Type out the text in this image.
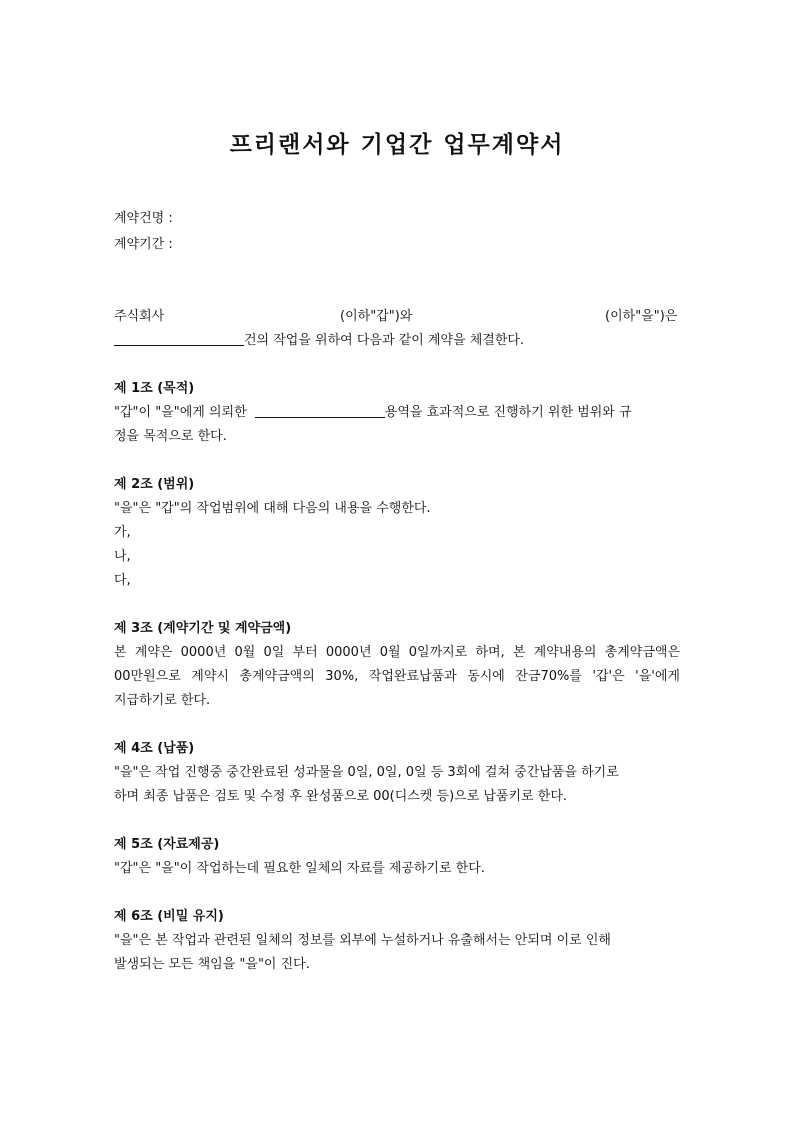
프리랜서와 기업간 업무계약서
계약건명 :
계약기간 :
주식회사	(이하"갑")와	(이하"을")은
건의 작업을 위하여 다음과 같이 계약을 체결한다.
제 1조 (목적)
"갑"이 "을"에게 의뢰한	용역을 효과적으로 진행하기 위한 범위와 규
정을 목적으로 한다.
제 2조 (범위)
"을"은 "갑"의 작업범위에 대해 다음의 내용을 수행한다.
가,
나,
다,
제 3조 (계약기간 및 계약금액)
본 계약은 0000년 0월 0일 부터 0000년 0월 0일까지로 하며, 본 계약내용의 총계약금액은
00만원으로 계약시 총계약금액의 30%, 작업완료납품과 동시에 잔금70%를 '갑'은 '을'에게
지급하기로 한다.
제 4조 (납품)
"을"은 작업 진행중 중간완료된 성과물을 0일, 0일, 0일 등 3회에 걸쳐 중간납품을 하기로
하며 최종 납품은 검토 및 수정 후 완성품으로 00(디스켓 등)으로 납품키로 한다.
제 5조 (자료제공)
"갑"은 "을"이 작업하는데 필요한 일체의 자료를 제공하기로 한다.
제 6조 (비밀 유지)
"을"은 본 작업과 관련된 일체의 정보를 외부에 누설하거나 유출해서는 안되며 이로 인해
발생되는 모든 책임을 "을"이 진다.
